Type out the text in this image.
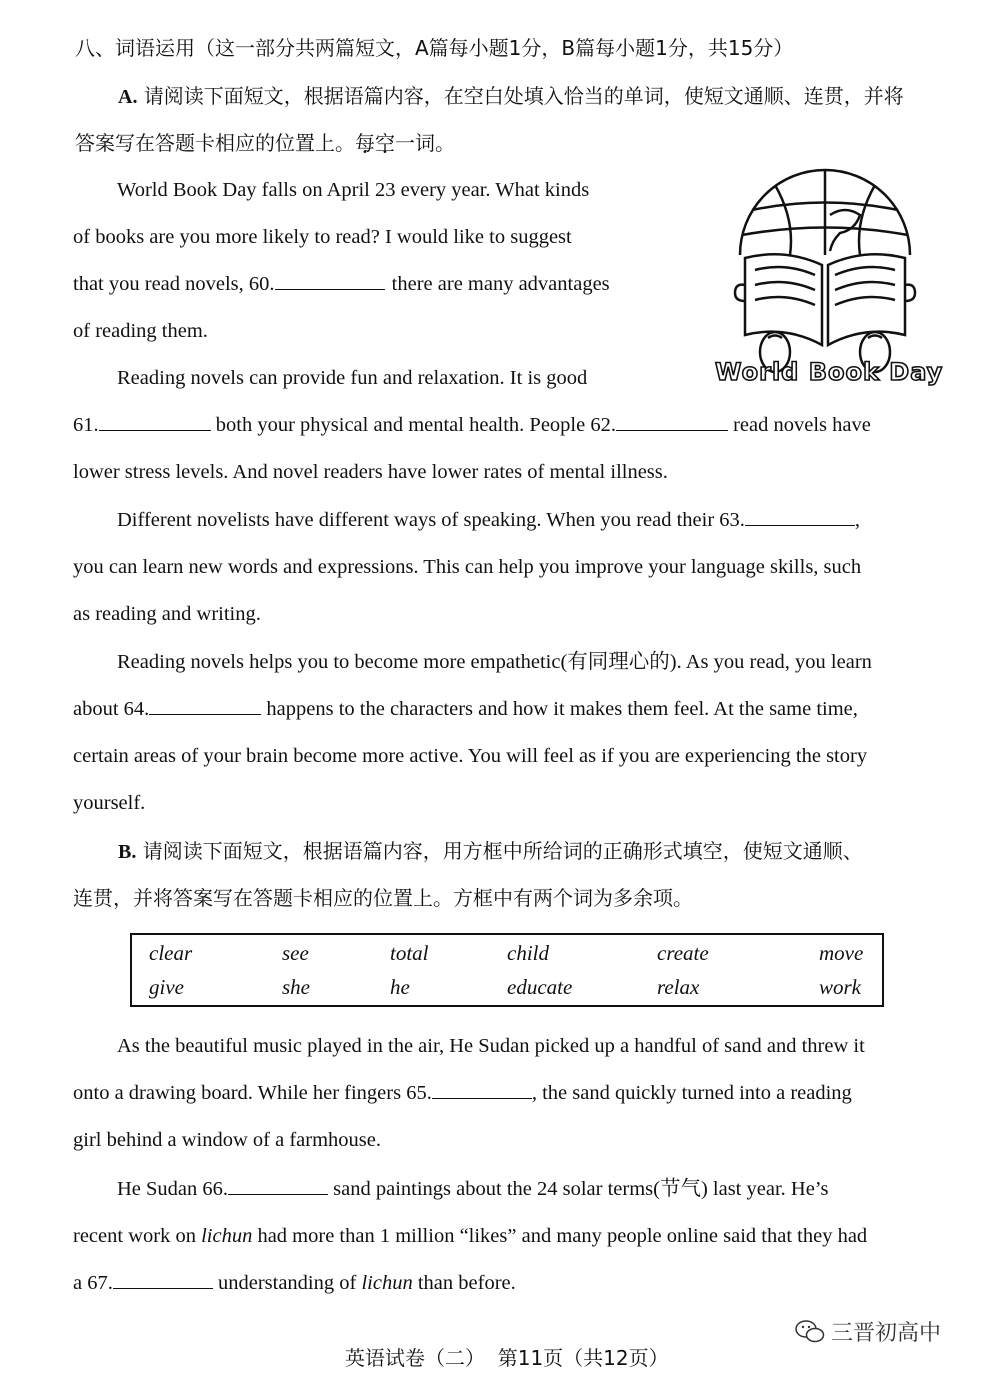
八、词语运用（这一部分共两篇短文，A篇每小题1分，B篇每小题1分，共15分）
A. 请阅读下面短文，根据语篇内容，在空白处填入恰当的单词，使短文通顺、连贯，并将
答案写在答题卡相应的位置上。每空一词。
World Book Day falls on April 23 every year. What kinds
of books are you more likely to read? I would like to suggest
that you read novels, 60.	there are many advantages
of reading them.
Reading novels can provide fun and relaxation. It is good
61.	both your physical and mental health. People 62.	read novels have
lower stress levels. And novel readers have lower rates of mental illness.
Different novelists have different ways of speaking. When you read their 63.	,
you can learn new words and expressions. This can help you improve your language skills, such
as reading and writing.
Reading novels helps you to become more empathetic(有同理心的). As you read, you learn
about 64.	happens to the characters and how it makes them feel. At the same time,
certain areas of your brain become more active. You will feel as if you are experiencing the story
yourself.
World Book Day
B. 请阅读下面短文，根据语篇内容，用方框中所给词的正确形式填空，使短文通顺、
连贯，并将答案写在答题卡相应的位置上。方框中有两个词为多余项。
clear	see	total	child	create	move
give	she	he	educate	relax	work
As the beautiful music played in the air, He Sudan picked up a handful of sand and threw it
onto a drawing board. While her fingers 65.	, the sand quickly turned into a reading
girl behind a window of a farmhouse.
He Sudan 66.	sand paintings about the 24 solar terms(节气) last year. He’s
recent work on lichun had more than 1 million “likes” and many people online said that they had
a 67.	understanding of lichun than before.
三晋初高中
英语试卷（二）  第11页（共12页）
